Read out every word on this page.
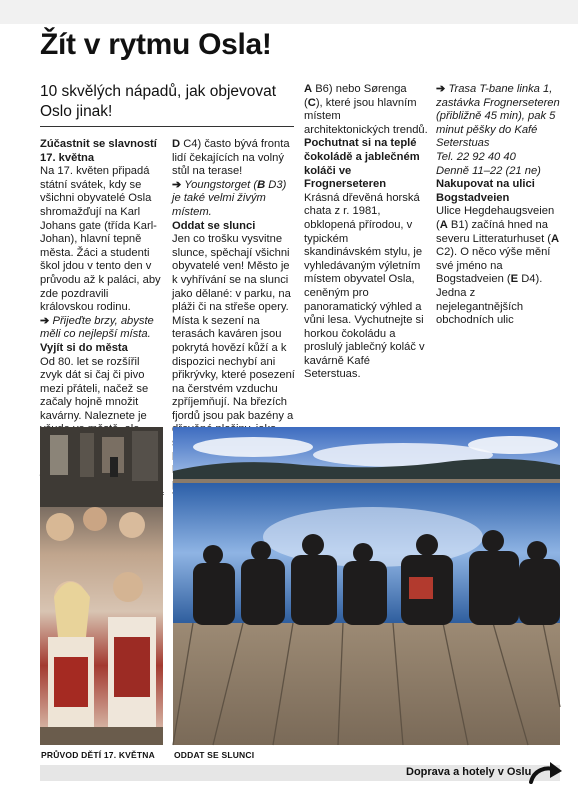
Žít v rytmu Osla!
10 skvělých nápadů, jak objevovat Oslo jinak!
Zúčastnit se slavností 17. května

Na 17. květen připadá státní svátek, kdy se všichni obyvatelé Osla shromažďují na Karl Johans gate (třída Karl-Johan), hlavní tepně města. Žáci a studenti škol jdou v tento den v průvodu až k paláci, aby zde pozdravili královskou rodinu.

➔ Přijeďte brzy, abyste měli co nejlepší místa.

Vyjít si do města

Od 80. let se rozšířil zvyk dát si čaj či pivo mezi přáteli, načež se začaly hojně množit kavárny. Naleznete je

D C4) často bývá fronta lidí čekajících na volný stůl na terase!

➔ Youngstorget (B D3) je také velmi živým místem.

Oddat se slunci

Jen co trošku vysvitne slunce, spěchají všichni obyvatelé ven! Město je k vyhřívání se na slunci jako dělané: v parku, na pláži či na střeše opery. Místa k sezení na terasách kaváren jsou pokrytá hovězí kůží a k dispozici nechybí ani přikrývky, které posezení na čerstvém vzduchu zpříjemňují. Na březích fjordů jsou pak bazény a

A B6) nebo Sørenga (C), které jsou hlavním místem architektonických trendů.

Pochutnat si na teplé čokoládě a jablečném koláči ve Frognerseteren

Krásná dřevěná horská chata z r. 1981, obklopená přírodou, v typickém skandinávském stylu, je vyhledávaným výletním místem obyvatel Osla, ceněným pro panoramatický výhled a vůni lesa. Vychutnejte si horkou čokoládu a proslulý jablečný koláč v kavárně Kafé Seterstuas.

➔ Trasa T-bane linka 1, zastávka Frognerseteren (přibližně 45 min), pak 5 minut pěšky do Kafé Seterstuas

Tel. 22 92 40 40

Denně 11–22 (21 ne)

Nakupovat na ulici Bogstadveien

Ulice Hegdehaugsveien (A B1) začíná hned na severu Litteraturhuset (A C2). O něco výše mění své jméno na Bogstadveien (E D4). Jedna z nejelegantnějších obchodních ulic

PRŮVOD DĚTÍ 17. KVĚTNA ODDAT SE SLUNCI

Doprava a hotely v Oslu
